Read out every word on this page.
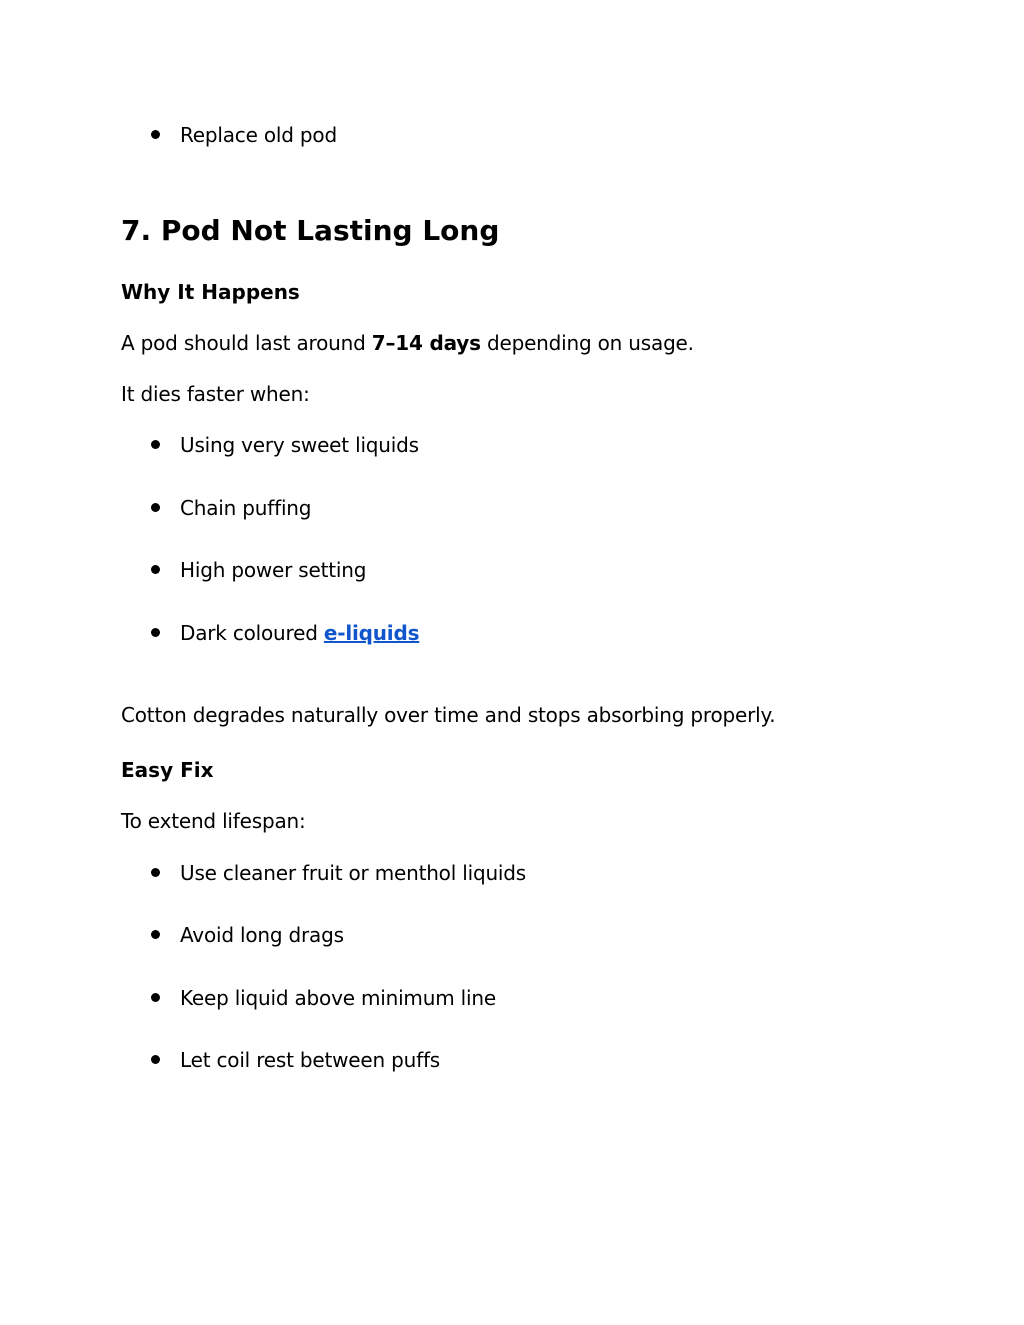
Replace old pod
7. Pod Not Lasting Long
Why It Happens
A pod should last around 7–14 days depending on usage.
It dies faster when:
Using very sweet liquids
Chain puffing
High power setting
Dark coloured e-liquids
Cotton degrades naturally over time and stops absorbing properly.
Easy Fix
To extend lifespan:
Use cleaner fruit or menthol liquids
Avoid long drags
Keep liquid above minimum line
Let coil rest between puffs
